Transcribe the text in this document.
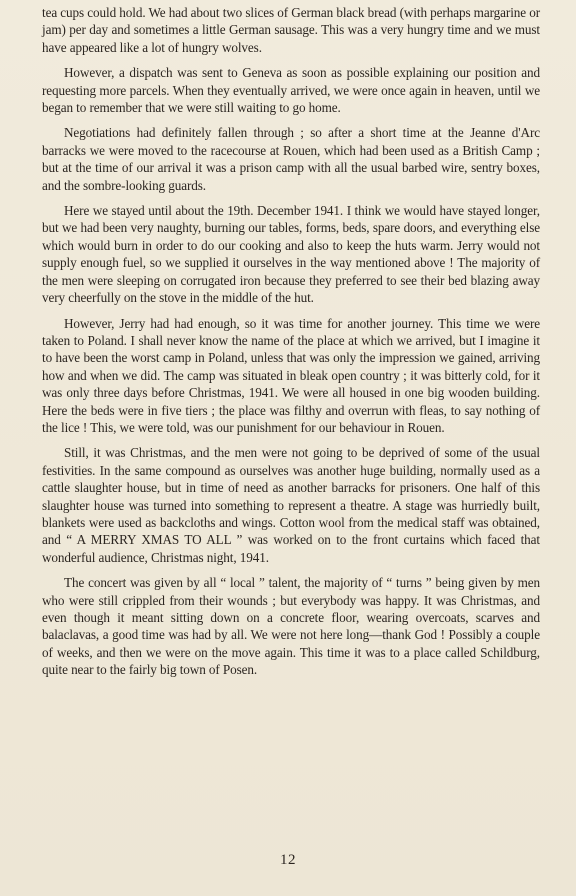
tea cups could hold. We had about two slices of German black bread (with perhaps margarine or jam) per day and sometimes a little German sausage. This was a very hungry time and we must have appeared like a lot of hungry wolves.

However, a dispatch was sent to Geneva as soon as possible explaining our position and requesting more parcels. When they eventually arrived, we were once again in heaven, until we began to remember that we were still waiting to go home.

Negotiations had definitely fallen through ; so after a short time at the Jeanne d'Arc barracks we were moved to the racecourse at Rouen, which had been used as a British Camp ; but at the time of our arrival it was a prison camp with all the usual barbed wire, sentry boxes, and the sombre-looking guards.

Here we stayed until about the 19th. December 1941. I think we would have stayed longer, but we had been very naughty, burning our tables, forms, beds, spare doors, and everything else which would burn in order to do our cooking and also to keep the huts warm. Jerry would not supply enough fuel, so we supplied it ourselves in the way mentioned above ! The majority of the men were sleeping on corrugated iron because they preferred to see their bed blazing away very cheerfully on the stove in the middle of the hut.

However, Jerry had had enough, so it was time for another journey. This time we were taken to Poland. I shall never know the name of the place at which we arrived, but I imagine it to have been the worst camp in Poland, unless that was only the impression we gained, arriving how and when we did. The camp was situated in bleak open country ; it was bitterly cold, for it was only three days before Christmas, 1941. We were all housed in one big wooden building. Here the beds were in five tiers ; the place was filthy and overrun with fleas, to say nothing of the lice ! This, we were told, was our punishment for our behaviour in Rouen.

Still, it was Christmas, and the men were not going to be deprived of some of the usual festivities. In the same compound as ourselves was another huge building, normally used as a cattle slaughter house, but in time of need as another barracks for prisoners. One half of this slaughter house was turned into something to represent a theatre. A stage was hurriedly built, blankets were used as backcloths and wings. Cotton wool from the medical staff was obtained, and “ A MERRY XMAS TO ALL ” was worked on to the front curtains which faced that wonderful audience, Christmas night, 1941.

The concert was given by all “ local ” talent, the majority of “ turns ” being given by men who were still crippled from their wounds ; but everybody was happy. It was Christmas, and even though it meant sitting down on a concrete floor, wearing overcoats, scarves and balaclavas, a good time was had by all. We were not here long—thank God ! Possibly a couple of weeks, and then we were on the move again. This time it was to a place called Schildburg, quite near to the fairly big town of Posen.

12
